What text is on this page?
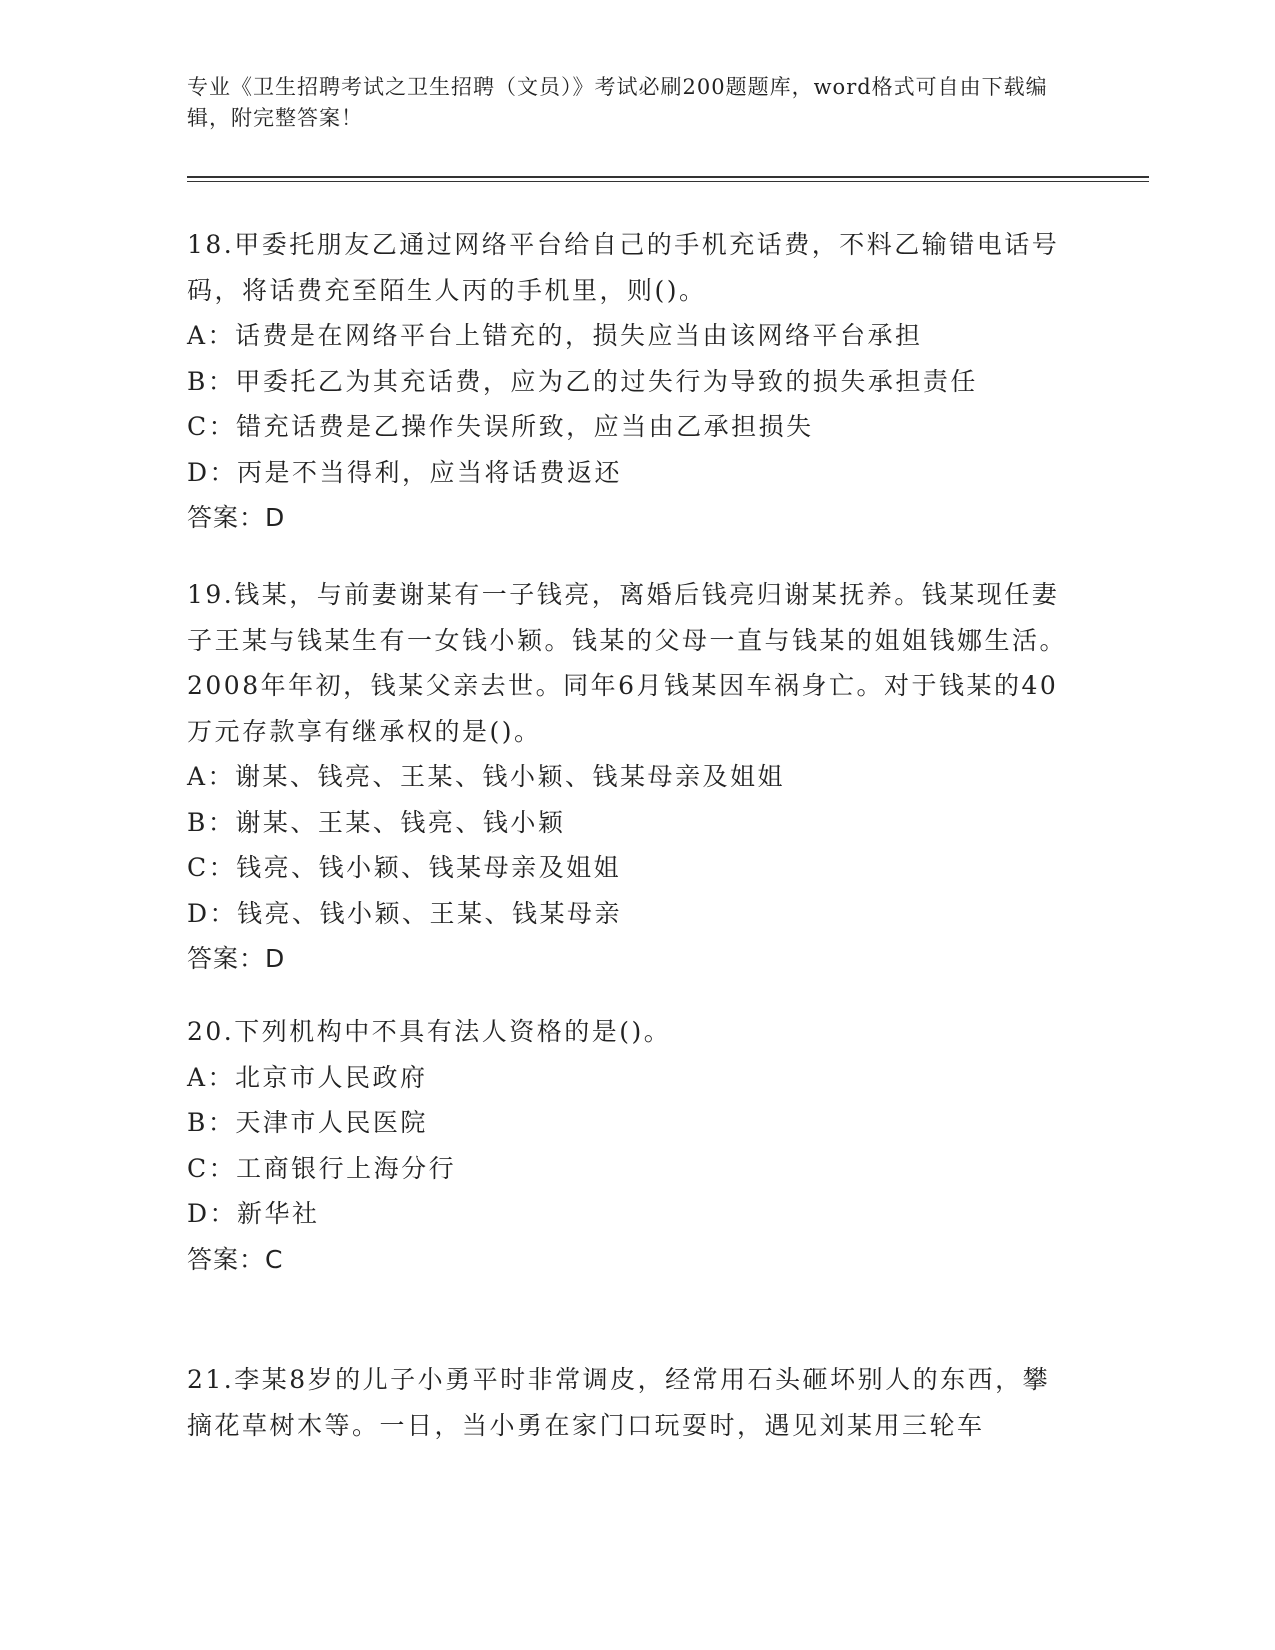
专业《卫生招聘考试之卫生招聘（文员）》考试必刷200题题库，word格式可自由下载编辑，附完整答案！

18.甲委托朋友乙通过网络平台给自己的手机充话费，不料乙输错电话号码，将话费充至陌生人丙的手机里，则()。

A：话费是在网络平台上错充的，损失应当由该网络平台承担

B：甲委托乙为其充话费，应为乙的过失行为导致的损失承担责任

C：错充话费是乙操作失误所致，应当由乙承担损失

D：丙是不当得利，应当将话费返还

答案：D

19.钱某，与前妻谢某有一子钱亮，离婚后钱亮归谢某抚养。钱某现任妻子王某与钱某生有一女钱小颖。钱某的父母一直与钱某的姐姐钱娜生活。2008年年初，钱某父亲去世。同年6月钱某因车祸身亡。对于钱某的40万元存款享有继承权的是()。

A：谢某、钱亮、王某、钱小颖、钱某母亲及姐姐

B：谢某、王某、钱亮、钱小颖

C：钱亮、钱小颖、钱某母亲及姐姐

D：钱亮、钱小颖、王某、钱某母亲

答案：D

20.下列机构中不具有法人资格的是()。

A：北京市人民政府

B：天津市人民医院

C：工商银行上海分行

D：新华社

答案：C

21.李某8岁的儿子小勇平时非常调皮，经常用石头砸坏别人的东西，攀摘花草树木等。一日，当小勇在家门口玩耍时，遇见刘某用三轮车
